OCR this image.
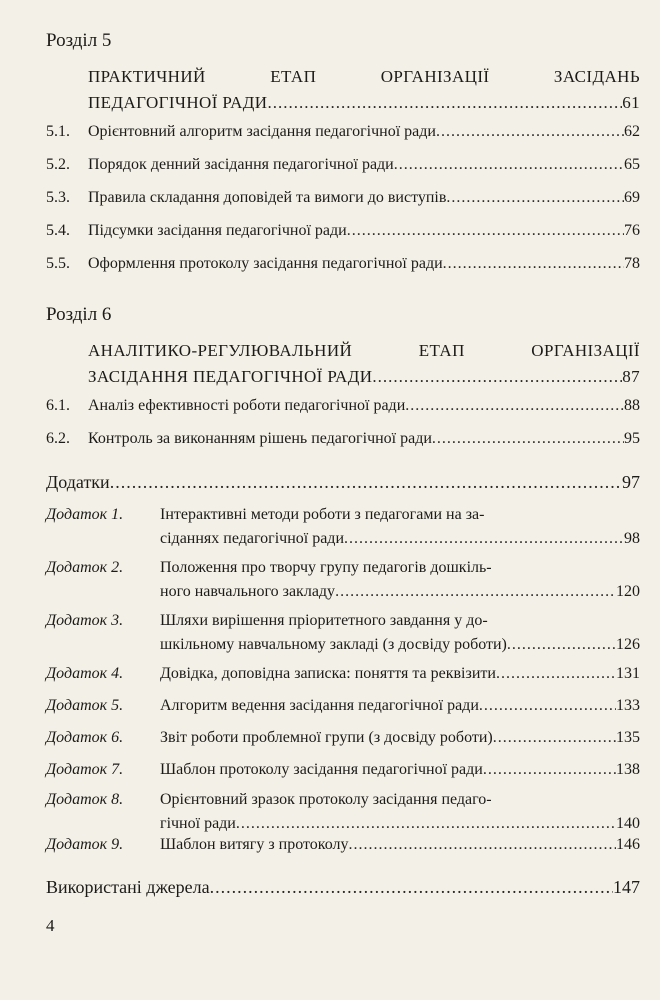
Розділ 5
ПРАКТИЧНИЙ	ЕТАП	ОРГАНІЗАЦІЇ	ЗАСІДАНЬ
ПЕДАГОГІЧНОЇ РАДИ .....	61
5.1. Орієнтовний алгоритм засідання педагогічної ради .....	62
5.2. Порядок денний засідання педагогічної ради .....	65
5.3. Правила складання доповідей та вимоги до виступів .....	69
5.4. Підсумки засідання педагогічної ради .....	76
5.5. Оформлення протоколу засідання педагогічної ради .....	78
Розділ 6
АНАЛІТИКО-РЕГУЛЮВАЛЬНИЙ	ЕТАП	ОРГАНІЗАЦІЇ
ЗАСІДАННЯ ПЕДАГОГІЧНОЇ РАДИ .....	87
6.1. Аналіз ефективності роботи педагогічної ради .....	88
6.2. Контроль за виконанням рішень педагогічної ради .....	95
Додатки .....	97
Додаток 1.	Інтерактивні методи роботи з педагогами на за-
сіданнях педагогічної ради .....	98
Додаток 2.	Положення про творчу групу педагогів дошкіль-
ного навчального закладу .....	120
Додаток 3.	Шляхи вирішення пріоритетного завдання у до-
шкільному навчальному закладі (з досвіду роботи) .....	126
Додаток 4. Довідка, доповідна записка: поняття та реквізити .....	131
Додаток 5. Алгоритм ведення засідання педагогічної ради .....	133
Додаток 6. Звіт роботи проблемної групи (з досвіду роботи) .....	135
Додаток 7. Шаблон протоколу засідання педагогічної ради .....	138
Додаток 8.	Орієнтовний зразок протоколу засідання педаго-
гічної ради .....	140
Додаток 9. Шаблон витягу з протоколу .....	146
Використані джерела .....	147
4
